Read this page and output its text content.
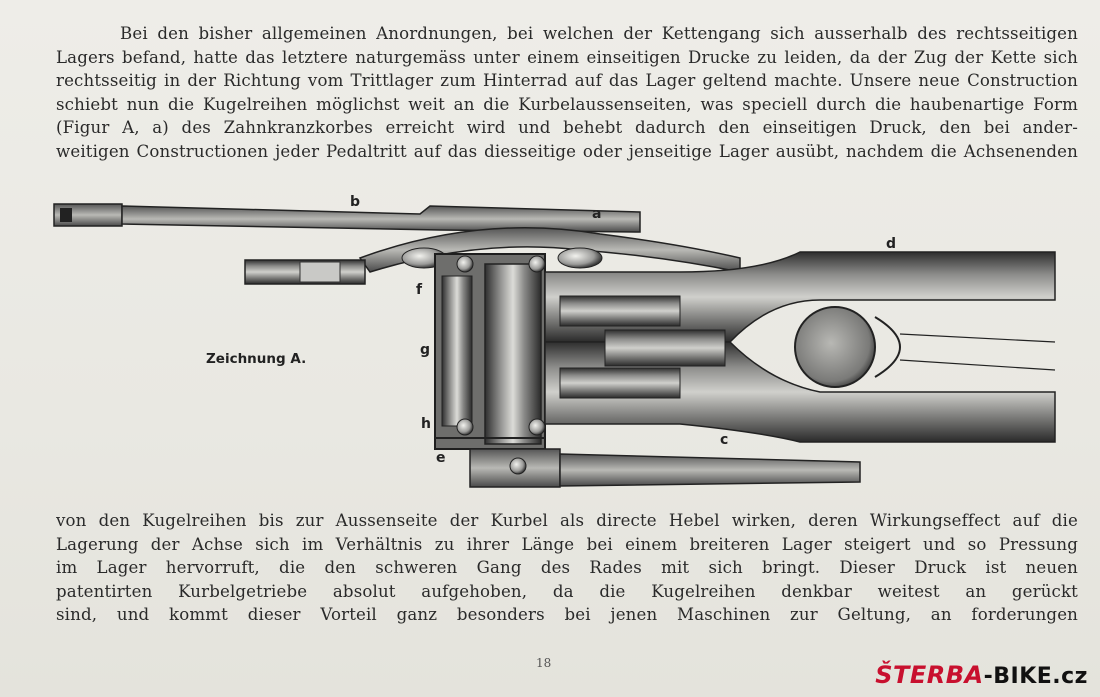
Bei den bisher allgemeinen Anordnungen, bei welchen der Kettengang sich ausserhalb des rechtsseitigen
Lagers befand, hatte das letztere naturgemäss unter einem einseitigen Drucke zu leiden, da der Zug der Kette sich
rechtsseitig in der Richtung vom Trittlager zum Hinterrad auf das Lager geltend machte. Unsere neue Construction
schiebt nun die Kugelreihen möglichst weit an die Kurbelaussenseiten, was speciell durch die haubenartige Form
(Figur A, a) des Zahnkranzkorbes erreicht wird und behebt dadurch den einseitigen Druck, den bei ander-
weitigen Constructionen jeder Pedaltritt auf das diesseitige oder jenseitige Lager ausübt, nachdem die Achsenenden
b
a
d
f
g
h
e
c
Zeichnung A.
von den Kugelreihen bis zur Aussenseite der Kurbel als directe Hebel wirken, deren Wirkungseffect auf die
Lagerung der Achse sich im Verhältnis zu ihrer Länge bei einem breiteren Lager steigert und so Pressung
im Lager hervorruft, die den schweren Gang des Rades mit sich bringt. Dieser Druck ist neuen
patentirten Kurbelgetriebe absolut aufgehoben, da die Kugelreihen denkbar weitest an gerückt
sind, und kommt dieser Vorteil ganz besonders bei jenen Maschinen zur Geltung, an forderungen
18	ŠTERBA-BIKE.cz
